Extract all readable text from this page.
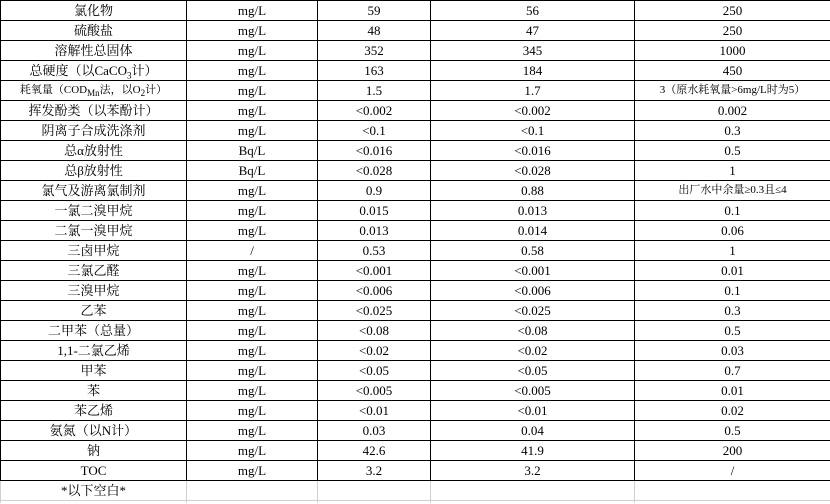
氯化物	mg/L	59	56	250
硫酸盐	mg/L	48	47	250
溶解性总固体	mg/L	352	345	1000
总硬度（以CaCO$_3$计）	mg/L	163	184	450
耗氧量（$COD_{Mn}$法，以$O_2$计）	mg/L	1.5	1.7	3（原水耗氧量>6mg/L时为5）
挥发酚类（以苯酚计）	mg/L	<0.002	<0.002	0.002
阴离子合成洗涤剂	mg/L	<0.1	<0.1	0.3
总α放射性	Bq/L	<0.016	<0.016	0.5
总β放射性	Bq/L	<0.028	<0.028	1
氯气及游离氯制剂	mg/L	0.9	0.88	出厂水中余量≥0.3且≤4
一氯二溴甲烷	mg/L	0.015	0.013	0.1
二氯一溴甲烷	mg/L	0.013	0.014	0.06
三卤甲烷	/	0.53	0.58	1
三氯乙醛	mg/L	<0.001	<0.001	0.01
三溴甲烷	mg/L	<0.006	<0.006	0.1
乙苯	mg/L	<0.025	<0.025	0.3
二甲苯（总量）	mg/L	<0.08	<0.08	0.5
1,1-二氯乙烯	mg/L	<0.02	<0.02	0.03
甲苯	mg/L	<0.05	<0.05	0.7
苯	mg/L	<0.005	<0.005	0.01
苯乙烯	mg/L	<0.01	<0.01	0.02
氨氮（以N计）	mg/L	0.03	0.04	0.5
钠	mg/L	42.6	41.9	200
TOC	mg/L	3.2	3.2	/
*以下空白*				
